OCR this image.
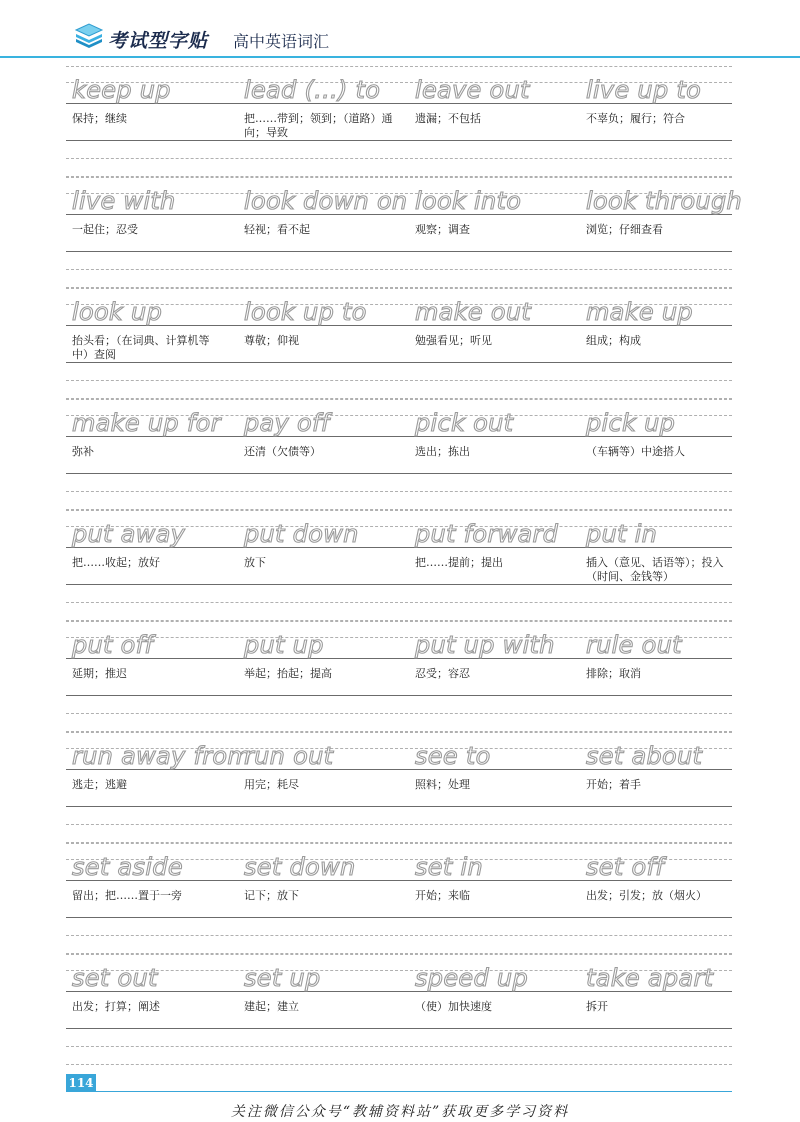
考试型字贴 高中英语词汇
keep up
保持；继续
lead (...) to
把……带到；领到；（道路）通向；导致
leave out
遗漏；不包括
live up to
不辜负；履行；符合
live with
一起住；忍受
look down on
轻视；看不起
look into
观察；调查
look through
浏览；仔细查看
look up
抬头看；（在词典、计算机等中）查阅
look up to
尊敬；仰视
make out
勉强看见；听见
make up
组成；构成
make up for
弥补
pay off
还清（欠债等）
pick out
选出；拣出
pick up
（车辆等）中途搭人
put away
把……收起；放好
put down
放下
put forward
把……提前；提出
put in
插入（意见、话语等）；投入（时间、金钱等）
put off
延期；推迟
put up
举起；抬起；提高
put up with
忍受；容忍
rule out
排除；取消
run away from
逃走；逃避
run out
用完；耗尽
see to
照料；处理
set about
开始；着手
set aside
留出；把……置于一旁
set down
记下；放下
set in
开始；来临
set off
出发；引发；放（烟火）
set out
出发；打算；阐述
set up
建起；建立
speed up
（使）加快速度
take apart
拆开
114
关注微信公众号“教辅资料站”获取更多学习资料
